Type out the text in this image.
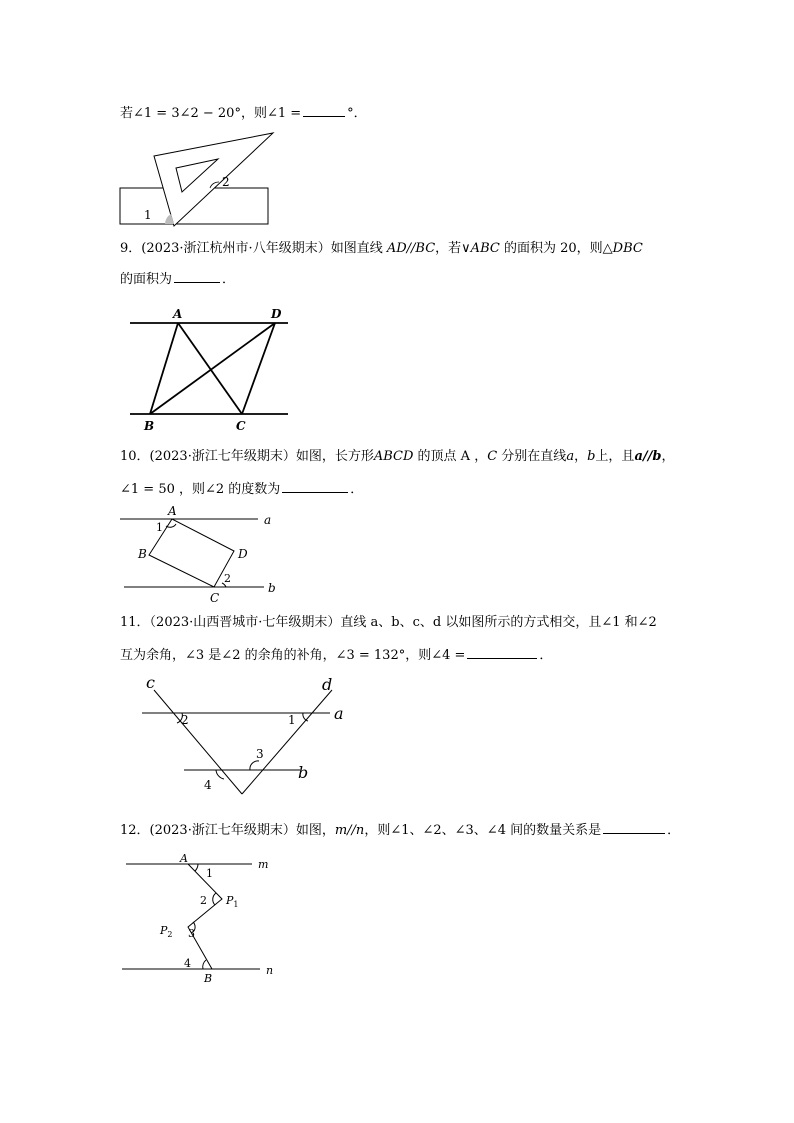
若∠1 = 3∠2 − 20°，则∠1 =	°．
1
2
9．(2023·浙江杭州市·八年级期末）如图直线 AD//BC，若∨ABC 的面积为 20，则△DBC
的面积为	．
A	D
B	C
10．(2023·浙江七年级期末）如图，长方形ABCD 的顶点 A ，C 分别在直线a，b上，且a//b，
∠1 = 50 ，则∠2 的度数为	．
A
B	D
C
a
b
1
2
11．（2023·山西晋城市·七年级期末）直线 a、b、c、d 以如图所示的方式相交，且∠1 和∠2
互为余角，∠3 是∠2 的余角的补角，∠3 = 132°，则∠4 =	．
c	d
a
b
2	1
3
4
12．(2023·浙江七年级期末）如图，m//n，则∠1、∠2、∠3、∠4 间的数量关系是	．
A
B
$P_1$
$P_2$
m
n
1
2
3
4
